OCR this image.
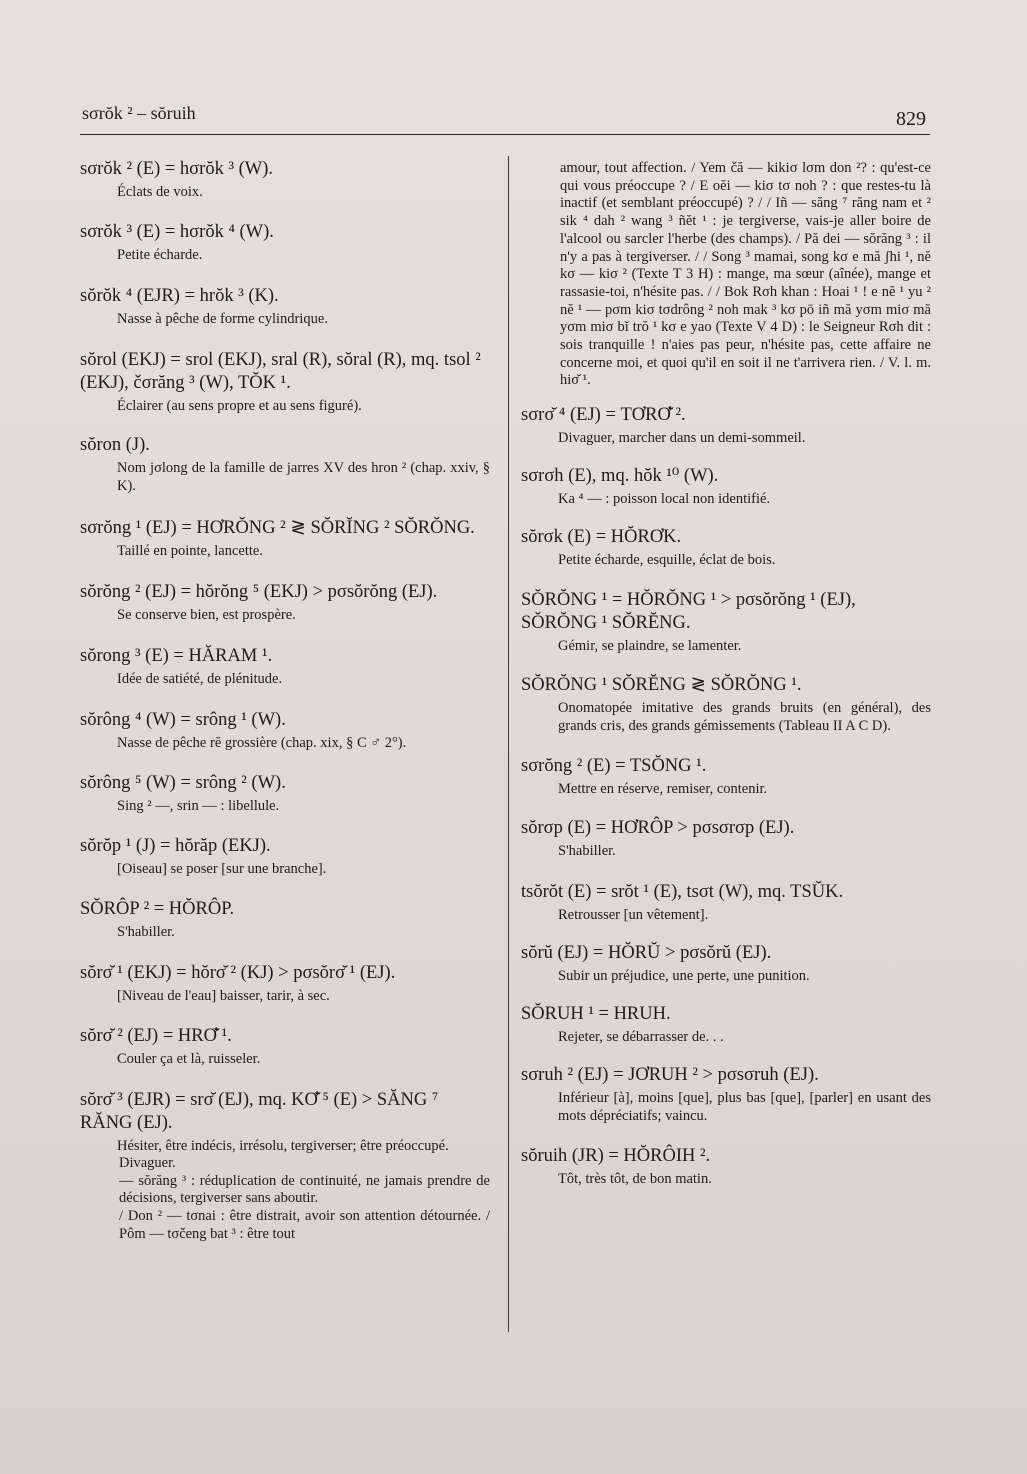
sσrŏk ² – sŏruih	829

sσrŏk ² (E) = hσrŏk ³ (W).

Éclats de voix.

sσrŏk ³ (E) = hσrŏk ⁴ (W).

Petite écharde.

sŏrŏk ⁴ (EJR) = hrŏk ³ (K).

Nasse à pêche de forme cylindrique.

sŏrol (EKJ) = srol (EKJ), sral (R), sŏral (R), mq. tsol ² (EKJ), čσrăng ³ (W), TŎK ¹.

Éclairer (au sens propre et au sens figuré).

sŏron (J).

Nom jσlong de la famille de jarres XV des hron ² (chap. xxiv, § K).

sσrŏng ¹ (EJ) = HƠRŎNG ² ≷ SŎRĬNG ² SŎRŎNG.

Taillé en pointe, lancette.

sŏrŏng ² (EJ) = hŏrŏng ⁵ (EKJ) > pσsŏrŏng (EJ).

Se conserve bien, est prospère.

sŏrong ³ (E) = HĂRAM ¹.

Idée de satiété, de plénitude.

sŏrông ⁴ (W) = srông ¹ (W).

Nasse de pêche rĕ grossière (chap. xix, § C ♂ 2°).

sŏrông ⁵ (W) = srông ² (W).

Sing ² —, srin — : libellule.

sŏrŏp ¹ (J) = hŏrăp (EKJ).

[Oiseau] se poser [sur une branche].

SŎRÔP ² = HŎRÔP.

S'habiller.

sŏrσ̆ ¹ (EKJ) = hŏrσ̆ ² (KJ) > pσsŏrσ̆ ¹ (EJ).

[Niveau de l'eau] baisser, tarir, à sec.

sŏrσ̆ ² (EJ) = HRƠ̆ ¹.

Couler ça et là, ruisseler.

sŏrσ̆ ³ (EJR) = srσ̆ (EJ), mq. KƠ̆ ⁵ (E) > SĂNG ⁷ RĂNG (EJ).

Hésiter, être indécis, irrésolu, tergiverser; être préoccupé.

Divaguer.

— sŏrăng ³ : réduplication de continuité, ne jamais prendre de décisions, tergiverser sans aboutir.

/ Don ² — tσnai : être distrait, avoir son attention détournée. / Pôm — tσčeng bat ³ : être tout

amour, tout affection. / Yem čă — kikiσ lσm don ²? : qu'est-ce qui vous préoccupe ? / E oĕi — kiσ tσ noh ? : que restes-tu là inactif (et semblant préoccupé) ? / / Iñ — săng ⁷ răng nam et ² sik ⁴ dah ² wang ³ ñĕt ¹ : je tergiverse, vais-je aller boire de l'alcool ou sarcler l'herbe (des champs). / Pă dei — sŏrăng ³ : il n'y a pas à tergiverser. / / Song ³ mamai, song kσ e mă ʃhi ¹, nĕ kσ — kiσ ² (Texte T 3 H) : mange, ma sœur (aînée), mange et rassasie-toi, n'hésite pas. / / Bok Rσh khan : Hoai ¹ ! e nĕ ¹ yu ² nĕ ¹ — pσm kiσ tσdrông ² noh mak ³ kσ pō iñ mă yσm miσ mă yσm miσ bĭ trŏ ¹ kσ e yao (Texte V 4 D) : le Seigneur Rσh dit : sois tranquille ! n'aies pas peur, n'hésite pas, cette affaire ne concerne moi, et quoi qu'il en soit il ne t'arrivera rien. / V. l. m. hiσ̆ ¹.

sσrσ̆ ⁴ (EJ) = TƠRƠ̆ ².

Divaguer, marcher dans un demi-sommeil.

sσrσh (E), mq. hŏk ¹⁰ (W).

Ka ⁴ — : poisson local non identifié.

sŏrσk (E) = HŎRƠK.

Petite écharde, esquille, éclat de bois.

SŎRŎNG ¹ = HŎRŎNG ¹ > pσsŏrŏng ¹ (EJ), SŎRŎNG ¹ SŎRĔNG.

Gémir, se plaindre, se lamenter.

SŎRŎNG ¹ SŎRĔNG ≷ SŎRŎNG ¹.

Onomatopée imitative des grands bruits (en général), des grands cris, des grands gémissements (Tableau II A C D).

sσrŏng ² (E) = TSŎNG ¹.

Mettre en réserve, remiser, contenir.

sŏrσp (E) = HƠRÔP > pσsσrσp (EJ).

S'habiller.

tsŏrŏt (E) = srŏt ¹ (E), tsσt (W), mq. TSŬK.

Retrousser [un vêtement].

sŏrŭ (EJ) = HŎRŬ > pσsŏrŭ (EJ).

Subir un préjudice, une perte, une punition.

SŎRUH ¹ = HRUH.

Rejeter, se débarrasser de. . .

sσruh ² (EJ) = JƠRUH ² > pσsσruh (EJ).

Inférieur [à], moins [que], plus bas [que], [parler] en usant des mots dépréciatifs; vaincu.

sŏruih (JR) = HŎRÔIH ².

Tôt, très tôt, de bon matin.
